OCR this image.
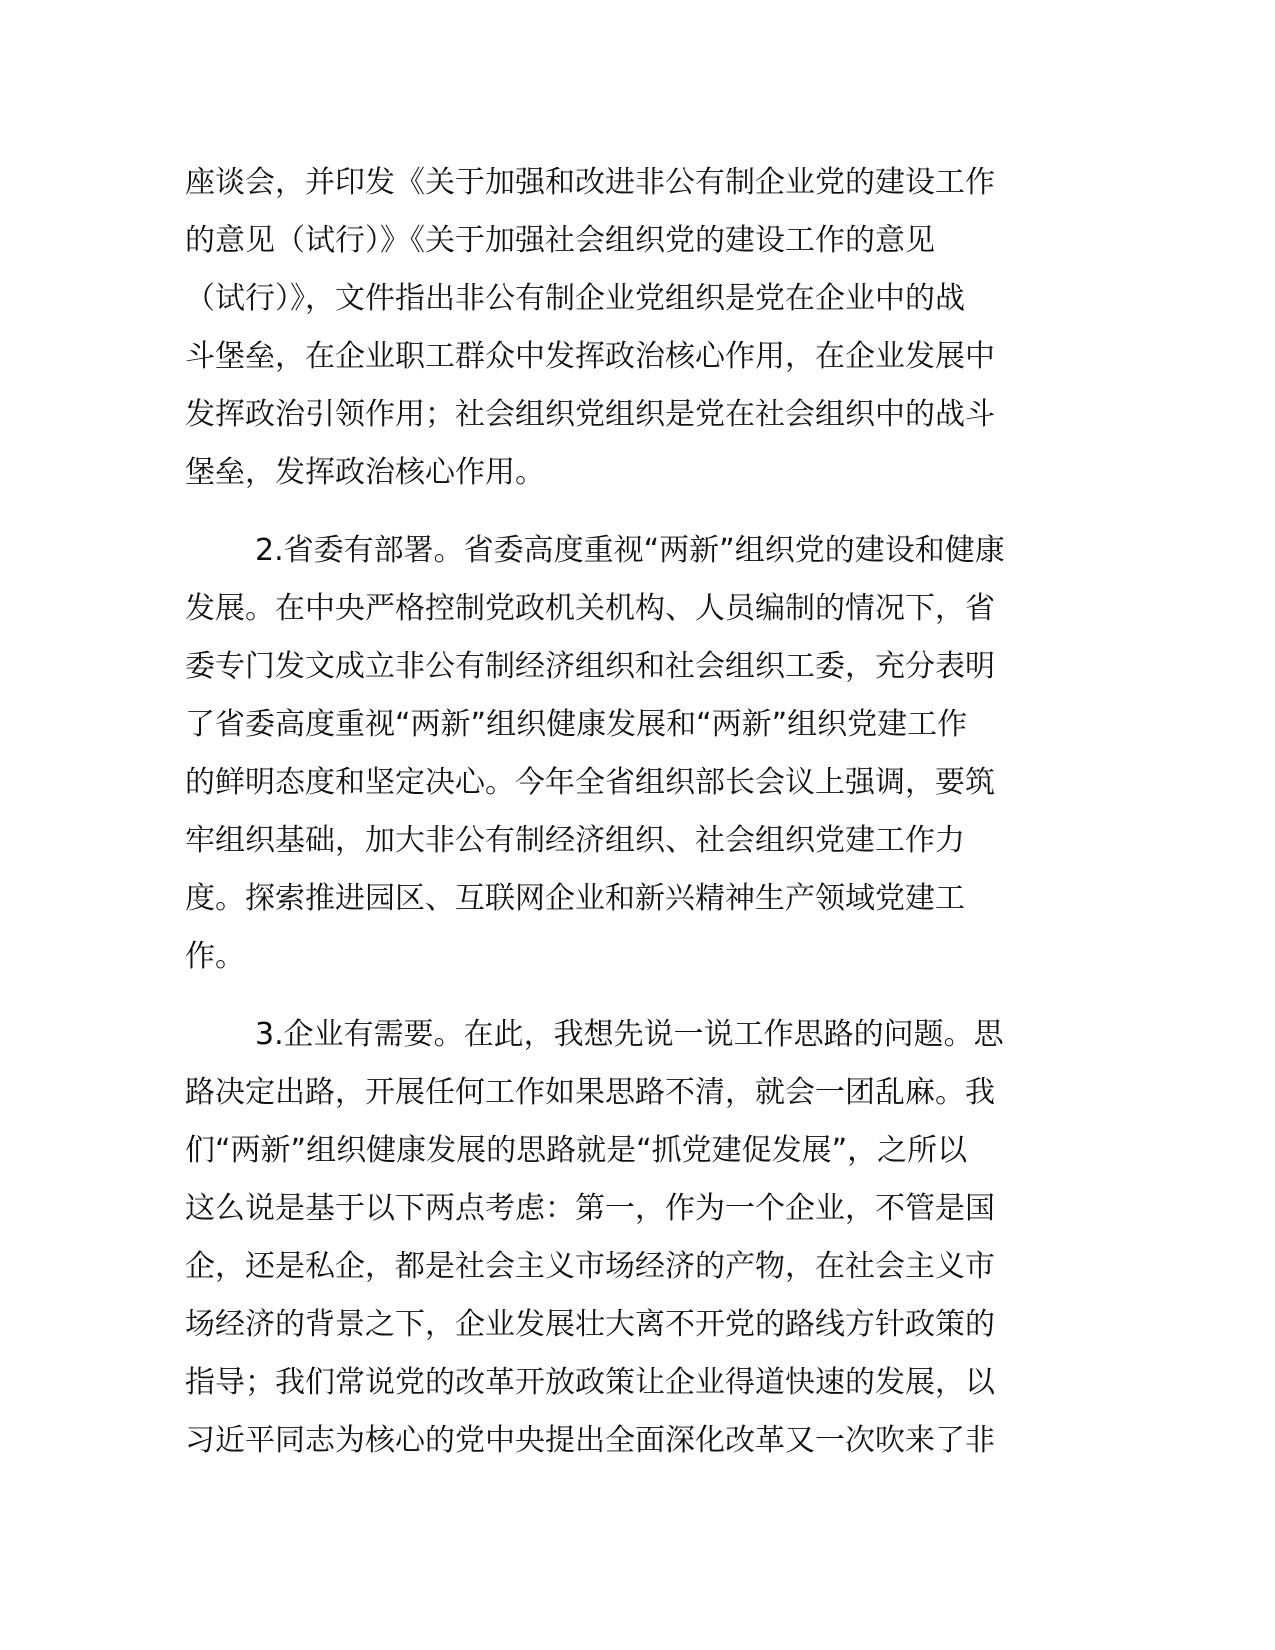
座谈会，并印发《关于加强和改进非公有制企业党的建设工作
的意见（试行）》《关于加强社会组织党的建设工作的意见
（试行）》，文件指出非公有制企业党组织是党在企业中的战
斗堡垒，在企业职工群众中发挥政治核心作用，在企业发展中
发挥政治引领作用；社会组织党组织是党在社会组织中的战斗
堡垒，发挥政治核心作用。
2.省委有部署。省委高度重视“两新”组织党的建设和健康
发展。在中央严格控制党政机关机构、人员编制的情况下，省
委专门发文成立非公有制经济组织和社会组织工委，充分表明
了省委高度重视“两新”组织健康发展和“两新”组织党建工作
的鲜明态度和坚定决心。今年全省组织部长会议上强调，要筑
牢组织基础，加大非公有制经济组织、社会组织党建工作力
度。探索推进园区、互联网企业和新兴精神生产领域党建工
作。
3.企业有需要。在此，我想先说一说工作思路的问题。思
路决定出路，开展任何工作如果思路不清，就会一团乱麻。我
们“两新”组织健康发展的思路就是“抓党建促发展”，之所以
这么说是基于以下两点考虑：第一，作为一个企业，不管是国
企，还是私企，都是社会主义市场经济的产物，在社会主义市
场经济的背景之下，企业发展壮大离不开党的路线方针政策的
指导；我们常说党的改革开放政策让企业得道快速的发展，以
习近平同志为核心的党中央提出全面深化改革又一次吹来了非
